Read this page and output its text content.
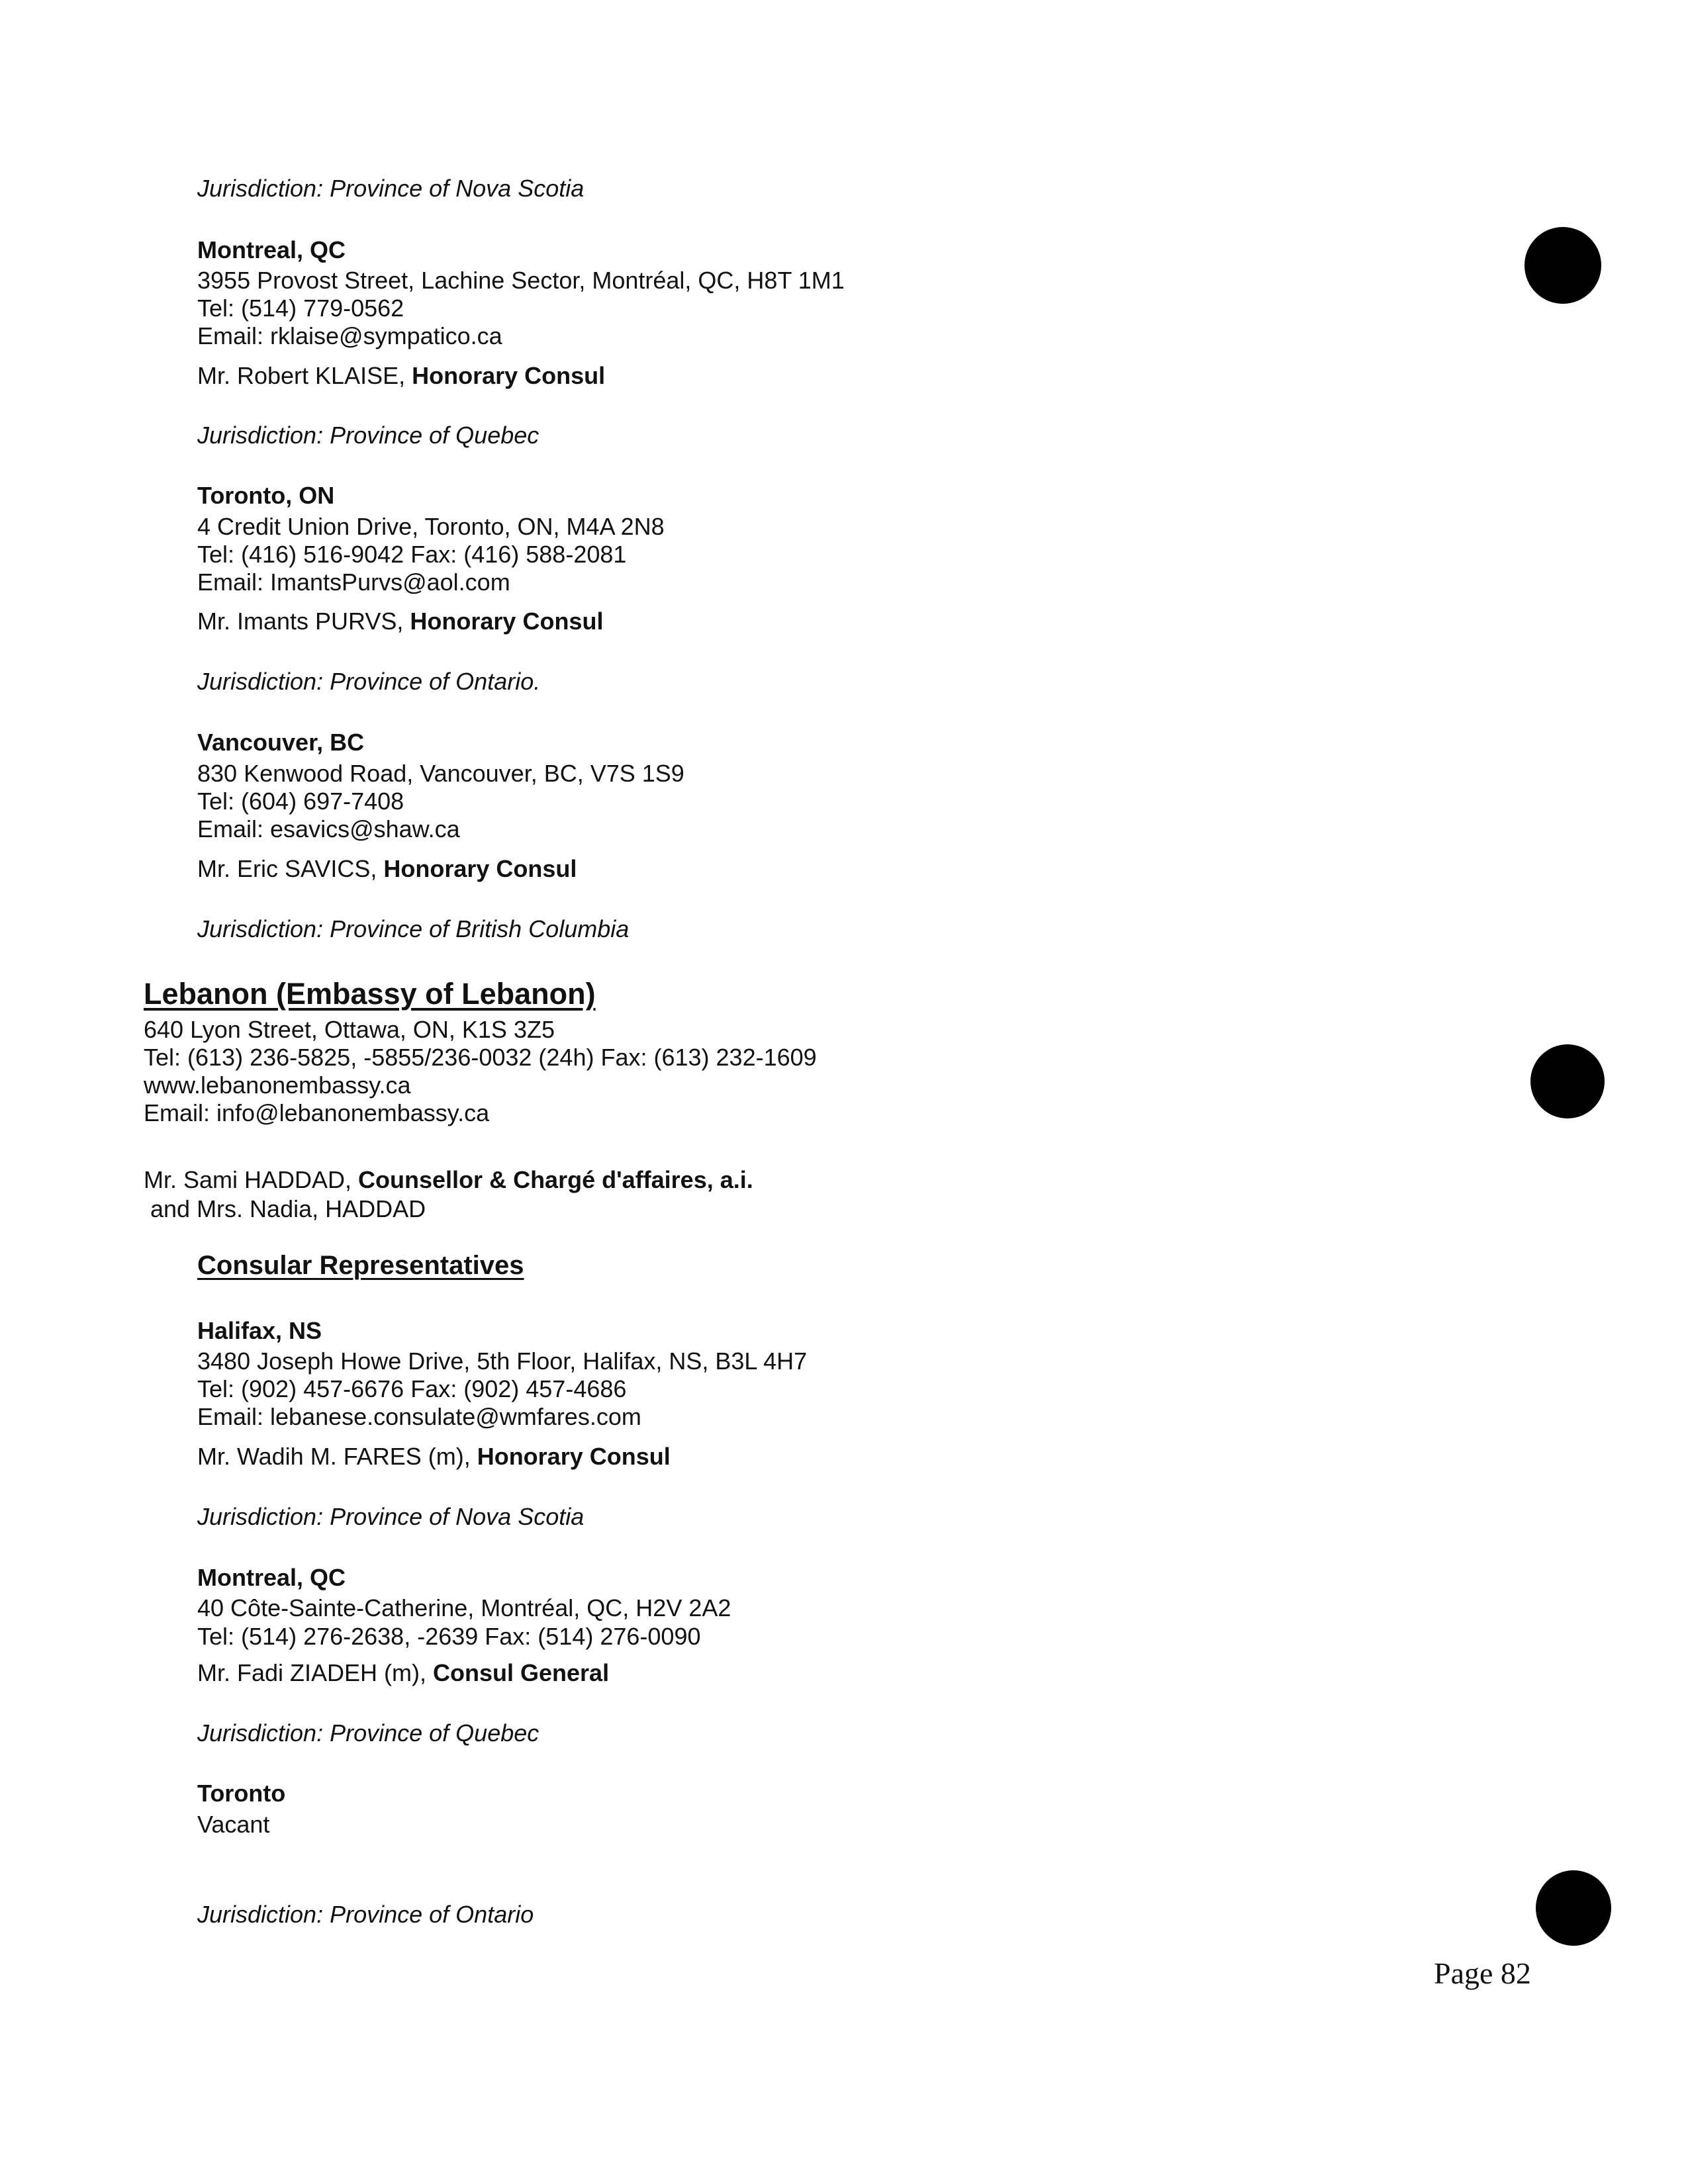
Jurisdiction: Province of Nova Scotia
Montreal, QC
3955 Provost Street, Lachine Sector, Montréal, QC, H8T 1M1
Tel: (514) 779-0562
Email: rklaise@sympatico.ca
Mr. Robert KLAISE, Honorary Consul
Jurisdiction: Province of Quebec
Toronto, ON
4 Credit Union Drive, Toronto, ON, M4A 2N8
Tel: (416) 516-9042 Fax: (416) 588-2081
Email: ImantsPurvs@aol.com
Mr. Imants PURVS, Honorary Consul
Jurisdiction: Province of Ontario.
Vancouver, BC
830 Kenwood Road, Vancouver, BC, V7S 1S9
Tel: (604) 697-7408
Email: esavics@shaw.ca
Mr. Eric SAVICS, Honorary Consul
Jurisdiction: Province of British Columbia
Lebanon (Embassy of Lebanon)
640 Lyon Street, Ottawa, ON, K1S 3Z5
Tel: (613) 236-5825, -5855/236-0032 (24h) Fax: (613) 232-1609
www.lebanonembassy.ca
Email: info@lebanonembassy.ca
Mr. Sami HADDAD, Counsellor & Chargé d'affaires, a.i.
and Mrs. Nadia, HADDAD
Consular Representatives
Halifax, NS
3480 Joseph Howe Drive, 5th Floor, Halifax, NS, B3L 4H7
Tel: (902) 457-6676 Fax: (902) 457-4686
Email: lebanese.consulate@wmfares.com
Mr. Wadih M. FARES (m), Honorary Consul
Jurisdiction: Province of Nova Scotia
Montreal, QC
40 Côte-Sainte-Catherine, Montréal, QC, H2V 2A2
Tel: (514) 276-2638, -2639 Fax: (514) 276-0090
Mr. Fadi ZIADEH (m), Consul General
Jurisdiction: Province of Quebec
Toronto
Vacant
Jurisdiction: Province of Ontario
Page 82
